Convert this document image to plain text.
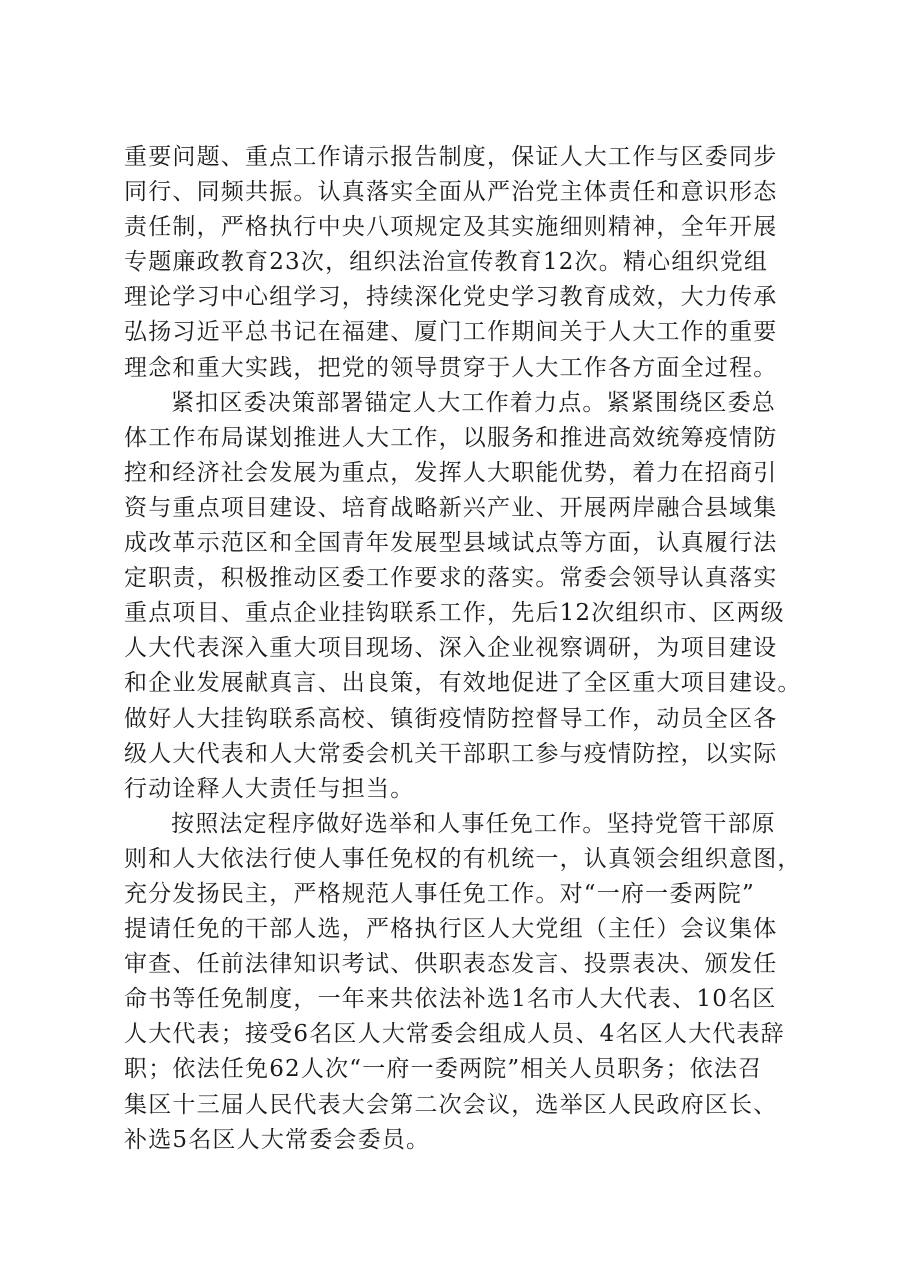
重要问题、重点工作请示报告制度，保证人大工作与区委同步
同行、同频共振。认真落实全面从严治党主体责任和意识形态
责任制，严格执行中央八项规定及其实施细则精神，全年开展
专题廉政教育23次，组织法治宣传教育12次。精心组织党组
理论学习中心组学习，持续深化党史学习教育成效，大力传承
弘扬习近平总书记在福建、厦门工作期间关于人大工作的重要
理念和重大实践，把党的领导贯穿于人大工作各方面全过程。
紧扣区委决策部署锚定人大工作着力点。紧紧围绕区委总
体工作布局谋划推进人大工作，以服务和推进高效统筹疫情防
控和经济社会发展为重点，发挥人大职能优势，着力在招商引
资与重点项目建设、培育战略新兴产业、开展两岸融合县域集
成改革示范区和全国青年发展型县域试点等方面，认真履行法
定职责，积极推动区委工作要求的落实。常委会领导认真落实
重点项目、重点企业挂钩联系工作，先后12次组织市、区两级
人大代表深入重大项目现场、深入企业视察调研，为项目建设
和企业发展献真言、出良策，有效地促进了全区重大项目建设。
做好人大挂钩联系高校、镇街疫情防控督导工作，动员全区各
级人大代表和人大常委会机关干部职工参与疫情防控，以实际
行动诠释人大责任与担当。
按照法定程序做好选举和人事任免工作。坚持党管干部原
则和人大依法行使人事任免权的有机统一，认真领会组织意图，
充分发扬民主，严格规范人事任免工作。对“一府一委两院”
提请任免的干部人选，严格执行区人大党组（主任）会议集体
审查、任前法律知识考试、供职表态发言、投票表决、颁发任
命书等任免制度，一年来共依法补选1名市人大代表、10名区
人大代表；接受6名区人大常委会组成人员、4名区人大代表辞
职；依法任免62人次“一府一委两院”相关人员职务；依法召
集区十三届人民代表大会第二次会议，选举区人民政府区长、
补选5名区人大常委会委员。
